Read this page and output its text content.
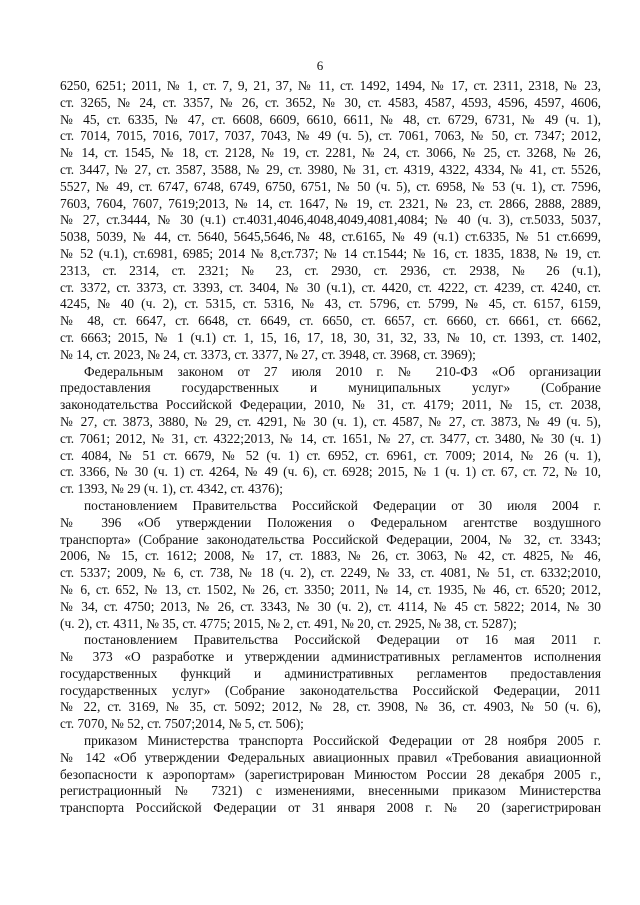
6
6250, 6251; 2011, № 1, ст. 7, 9, 21, 37, № 11, ст. 1492, 1494, № 17, ст. 2311, 2318, № 23,
ст. 3265, № 24, ст. 3357, № 26, ст. 3652, № 30, ст. 4583, 4587, 4593, 4596, 4597, 4606,
№ 45, ст. 6335, № 47, ст. 6608, 6609, 6610, 6611, № 48, ст. 6729, 6731, № 49 (ч. 1),
ст. 7014, 7015, 7016, 7017, 7037, 7043, № 49 (ч. 5), ст. 7061, 7063, № 50, ст. 7347; 2012,
№ 14, ст. 1545, № 18, ст. 2128, № 19, ст. 2281, № 24, ст. 3066, № 25, ст. 3268, № 26,
ст. 3447, № 27, ст. 3587, 3588, № 29, ст. 3980, № 31, ст. 4319, 4322, 4334, № 41, ст. 5526,
5527, № 49, ст. 6747, 6748, 6749, 6750, 6751, № 50 (ч. 5), ст. 6958, № 53 (ч. 1), ст. 7596,
7603, 7604, 7607, 7619;2013, № 14, ст. 1647, № 19, ст. 2321, № 23, ст. 2866, 2888, 2889,
№ 27, ст.3444, № 30 (ч.1) ст.4031,4046,4048,4049,4081,4084; № 40 (ч. 3), ст.5033, 5037,
5038, 5039, № 44, ст. 5640, 5645,5646,№ 48, ст.6165, № 49 (ч.1) ст.6335, № 51 ст.6699,
№ 52 (ч.1), ст.6981, 6985; 2014 № 8,ст.737; № 14 ст.1544; № 16, ст. 1835, 1838, № 19, ст.
2313, ст. 2314, ст. 2321; № 23, ст. 2930, ст. 2936, ст. 2938, № 26 (ч.1),
ст. 3372, ст. 3373, ст. 3393, ст. 3404, № 30 (ч.1), ст. 4420, ст. 4222, ст. 4239, ст. 4240, ст.
4245, № 40 (ч. 2), ст. 5315, ст. 5316, № 43, ст. 5796, ст. 5799, № 45, ст. 6157, 6159,
№ 48, ст. 6647, ст. 6648, ст. 6649, ст. 6650, ст. 6657, ст. 6660, ст. 6661, ст. 6662,
ст. 6663; 2015, № 1 (ч.1) ст. 1, 15, 16, 17, 18, 30, 31, 32, 33, № 10, ст. 1393, ст. 1402,
№ 14, ст. 2023, № 24, ст. 3373, ст. 3377, № 27, ст. 3948, ст. 3968, ст. 3969);
Федеральным законом от 27 июля 2010 г. № 210-ФЗ «Об организации
предоставления государственных и муниципальных услуг» (Собрание
законодательства Российской Федерации, 2010, № 31, ст. 4179; 2011, № 15, ст. 2038,
№ 27, ст. 3873, 3880, № 29, ст. 4291, № 30 (ч. 1), ст. 4587, № 27, ст. 3873, № 49 (ч. 5),
ст. 7061; 2012, № 31, ст. 4322;2013, № 14, ст. 1651, № 27, ст. 3477, ст. 3480, № 30 (ч. 1)
ст. 4084, № 51 ст. 6679, № 52 (ч. 1) ст. 6952, ст. 6961, ст. 7009; 2014, № 26 (ч. 1),
ст. 3366, № 30 (ч. 1) ст. 4264, № 49 (ч. 6), ст. 6928; 2015, № 1 (ч. 1) ст. 67, ст. 72, № 10,
ст. 1393, № 29 (ч. 1), ст. 4342, ст. 4376);
постановлением Правительства Российской Федерации от 30 июля 2004 г.
№ 396 «Об утверждении Положения о Федеральном агентстве воздушного
транспорта» (Собрание законодательства Российской Федерации, 2004, № 32, ст. 3343;
2006, № 15, ст. 1612; 2008, № 17, ст. 1883, № 26, ст. 3063, № 42, ст. 4825, № 46,
ст. 5337; 2009, № 6, ст. 738, № 18 (ч. 2), ст. 2249, № 33, ст. 4081, № 51, ст. 6332;2010,
№ 6, ст. 652, № 13, ст. 1502, № 26, ст. 3350; 2011, № 14, ст. 1935, № 46, ст. 6520; 2012,
№ 34, ст. 4750; 2013, № 26, ст. 3343, № 30 (ч. 2), ст. 4114, № 45 ст. 5822; 2014, № 30
(ч. 2), ст. 4311, № 35, ст. 4775; 2015, № 2, ст. 491, № 20, ст. 2925, № 38, ст. 5287);
постановлением Правительства Российской Федерации от 16 мая 2011 г.
№ 373 «О разработке и утверждении административных регламентов исполнения
государственных функций и административных регламентов предоставления
государственных услуг» (Собрание законодательства Российской Федерации, 2011
№ 22, ст. 3169, № 35, ст. 5092; 2012, № 28, ст. 3908, № 36, ст. 4903, № 50 (ч. 6),
ст. 7070, № 52, ст. 7507;2014, № 5, ст. 506);
приказом Министерства транспорта Российской Федерации от 28 ноября 2005 г.
№ 142 «Об утверждении Федеральных авиационных правил «Требования авиационной
безопасности к аэропортам» (зарегистрирован Минюстом России 28 декабря 2005 г.,
регистрационный № 7321) с изменениями, внесенными приказом Министерства
транспорта Российской Федерации от 31 января 2008 г. № 20 (зарегистрирован
